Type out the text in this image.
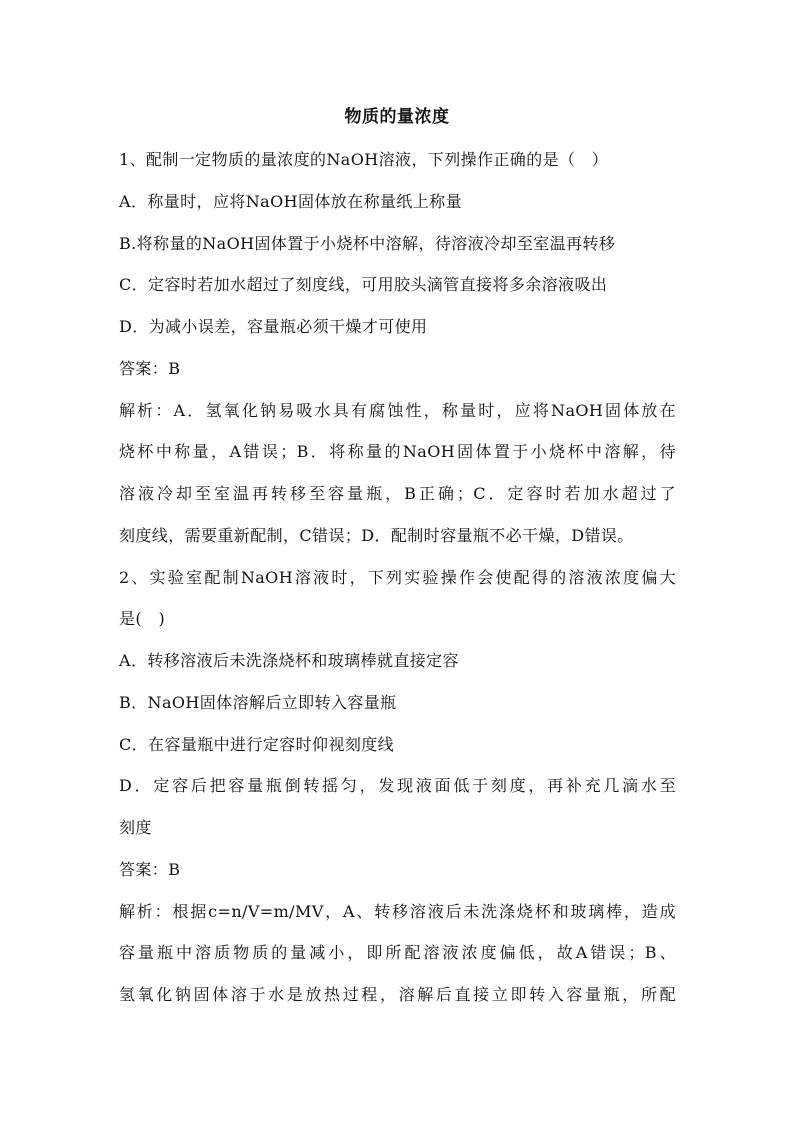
物质的量浓度
1、配制一定物质的量浓度的NaOH溶液，下列操作正确的是（　）
A．称量时，应将NaOH固体放在称量纸上称量
B.将称量的NaOH固体置于小烧杯中溶解，待溶液冷却至室温再转移
C．定容时若加水超过了刻度线，可用胶头滴管直接将多余溶液吸出
D．为减小误差，容量瓶必须干燥才可使用
答案：B
解析：A．氢氧化钠易吸水具有腐蚀性，称量时，应将NaOH固体放在
烧杯中称量，A错误；B．将称量的NaOH固体置于小烧杯中溶解，待
溶液冷却至室温再转移至容量瓶，B正确；C．定容时若加水超过了
刻度线，需要重新配制，C错误；D．配制时容量瓶不必干燥，D错误。
2、实验室配制NaOH溶液时，下列实验操作会使配得的溶液浓度偏大
是(　)
A．转移溶液后未洗涤烧杯和玻璃棒就直接定容
B．NaOH固体溶解后立即转入容量瓶
C．在容量瓶中进行定容时仰视刻度线
D．定容后把容量瓶倒转摇匀，发现液面低于刻度，再补充几滴水至
刻度
答案：B
解析：根据c=n/V=m/MV，A、转移溶液后未洗涤烧杯和玻璃棒，造成
容量瓶中溶质物质的量减小，即所配溶液浓度偏低，故A错误；B、
氢氧化钠固体溶于水是放热过程，溶解后直接立即转入容量瓶，所配
